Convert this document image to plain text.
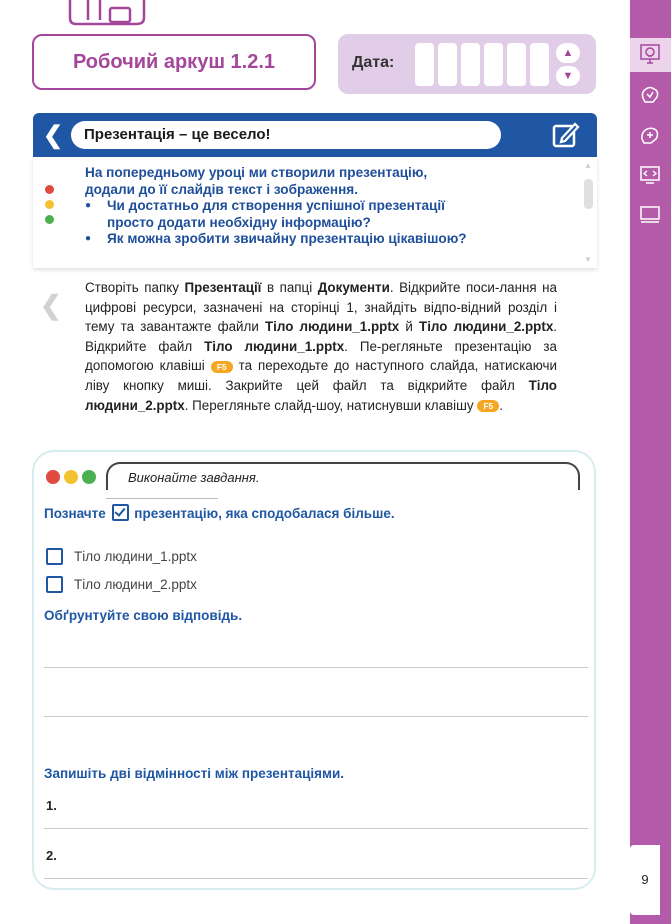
Робочий аркуш 1.2.1	Дата:
▲
▼
❮ Презентація – це весело!
На попередньому уроці ми створили презентацію,
додали до її слайдів текст і зображення.
● Чи достатньо для створення успішної презентації
просто додати необхідну інформацію?
● Як можна зробити звичайну презентацію цікавішою?
▲
▼
❮
Створіть папку Презентації в папці Документи. Відкрийте поси-лання на цифрові ресурси, зазначені на сторінці 1, знайдіть відпо-відний розділ і тему та завантажте файли Тіло людини_1.pptx й Тіло людини_2.pptx. Відкрийте файл Тіло людини_1.pptx. Пе-регляньте презентацію за допомогою клавіші F5 та переходьте до наступного слайда, натискаючи ліву кнопку миші. Закрийте цей файл та відкрийте файл Тіло людини_2.pptx. Перегляньте слайд-шоу, натиснувши клавішу F5 .
Виконайте завдання.
Позначте презентацію, яка сподобалася більше.
Тіло людини_1.pptx
Тіло людини_2.pptx
Обґрунтуйте свою відповідь.
Запишіть дві відмінності між презентаціями.
1.
2.
9
